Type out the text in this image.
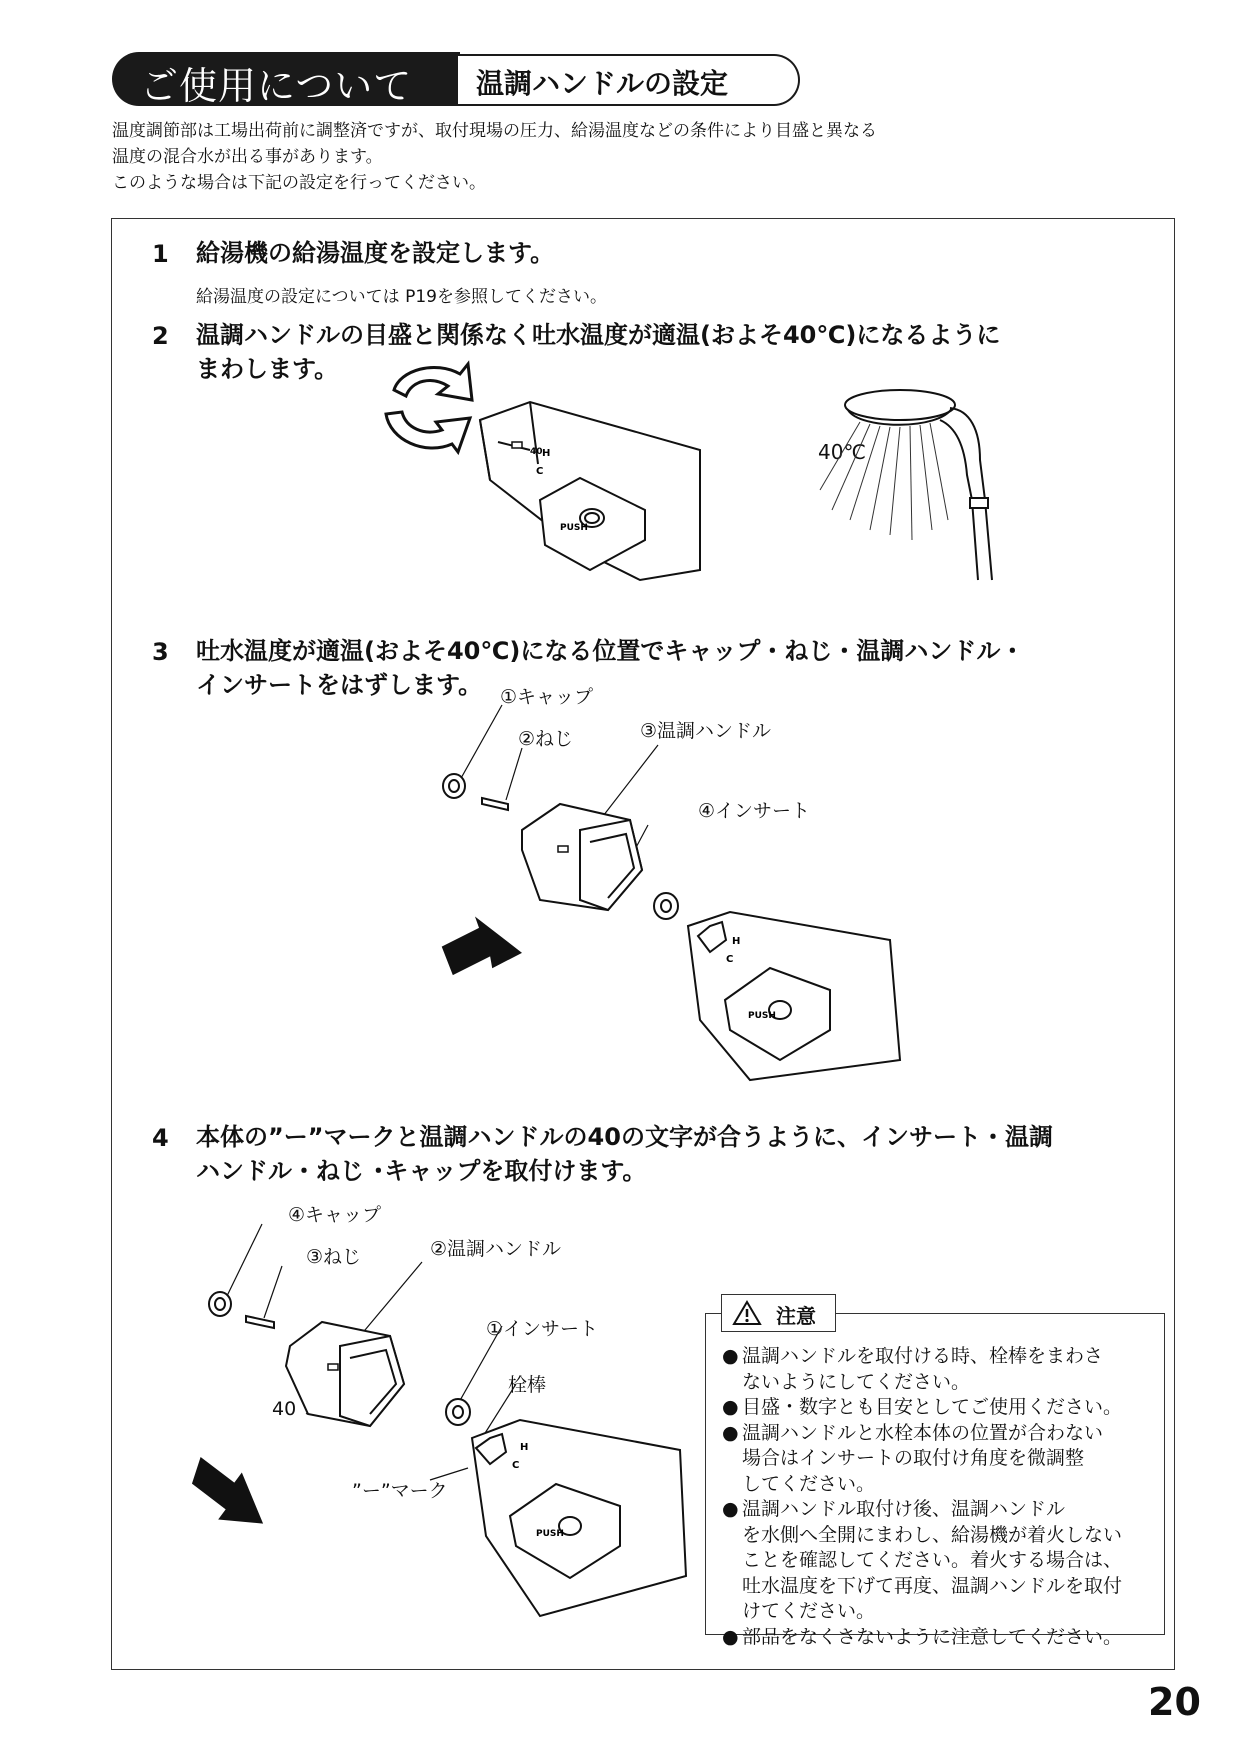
ご使用について 温調ハンドルの設定
温度調節部は工場出荷前に調整済ですが、取付現場の圧力、給湯温度などの条件により目盛と異なる
温度の混合水が出る事があります。
このような場合は下記の設定を行ってください。
1 給湯機の給湯温度を設定します。
給湯温度の設定については P19を参照してください。
2 温調ハンドルの目盛と関係なく吐水温度が適温(およそ40℃)になるように
まわします。
40 H
C
PUSH
40℃
3 吐水温度が適温(およそ40℃)になる位置でキャップ・ねじ・温調ハンドル・
インサートをはずします。 ①キャップ
②ねじ	③温調ハンドル
④インサート
H
C
PUSH
4 本体の”ー”マークと温調ハンドルの40の文字が合うように、インサート・温調
ハンドル・ねじ ･キャップを取付けます。
④キャップ
③ねじ	②温調ハンドル
①インサート
栓棒
40
”ー”マーク
H
C
PUSH
注意
● 温調ハンドルを取付ける時、栓棒をまわさ
ないようにしてください。
● 目盛・数字とも目安としてご使用ください。
● 温調ハンドルと水栓本体の位置が合わない
場合はインサートの取付け角度を微調整
してください。
● 温調ハンドル取付け後、温調ハンドル
を水側へ全開にまわし、給湯機が着火しない
ことを確認してください。着火する場合は、
吐水温度を下げて再度、温調ハンドルを取付
けてください。
● 部品をなくさないように注意してください。
20
